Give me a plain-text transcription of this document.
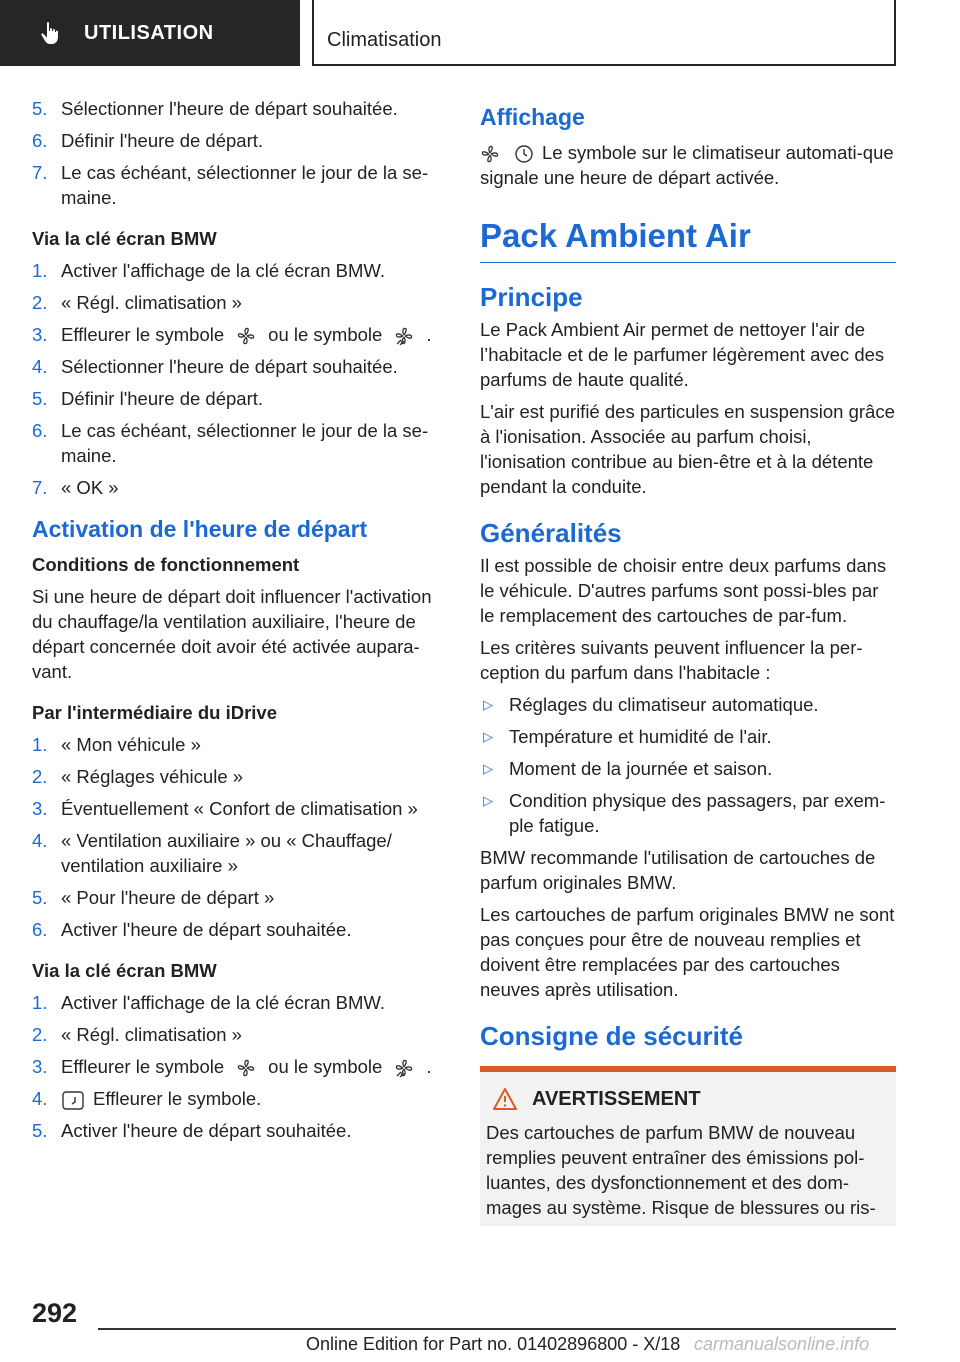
UTILISATION	Climatisation
5. Sélectionner l'heure de départ souhaitée.
6. Définir l'heure de départ.
7. Le cas échéant, sélectionner le jour de la se-maine.
Via la clé écran BMW
1. Activer l'affichage de la clé écran BMW.
2. « Régl. climatisation »
3. Effleurer le symbole ou le symbole .
4. Sélectionner l'heure de départ souhaitée.
5. Définir l'heure de départ.
6. Le cas échéant, sélectionner le jour de la se-maine.
7. « OK »
Activation de l'heure de départ
Conditions de fonctionnement
Si une heure de départ doit influencer l'activation du chauffage/la ventilation auxiliaire, l'heure de départ concernée doit avoir été activée aupara-vant.
Par l'intermédiaire du iDrive
1. « Mon véhicule »
2. « Réglages véhicule »
3. Éventuellement « Confort de climatisation »
4. « Ventilation auxiliaire » ou « Chauffage/ ventilation auxiliaire »
5. « Pour l'heure de départ »
6. Activer l'heure de départ souhaitée.
Via la clé écran BMW
1. Activer l'affichage de la clé écran BMW.
2. « Régl. climatisation »
3. Effleurer le symbole ou le symbole .
4.	Effleurer le symbole.
5. Activer l'heure de départ souhaitée.
Affichage
Le symbole sur le climatiseur automati-que signale une heure de départ activée.
Pack Ambient Air
Principe
Le Pack Ambient Air permet de nettoyer l'air de l’habitacle et de le parfumer légèrement avec des parfums de haute qualité.
L'air est purifié des particules en suspension grâce à l'ionisation. Associée au parfum choisi, l'ionisation contribue au bien-être et à la détente pendant la conduite.
Généralités
Il est possible de choisir entre deux parfums dans le véhicule. D'autres parfums sont possi-bles par le remplacement des cartouches de par-fum.
Les critères suivants peuvent influencer la per-ception du parfum dans l'habitacle :
▷ Réglages du climatiseur automatique.
▷ Température et humidité de l'air.
▷ Moment de la journée et saison.
▷ Condition physique des passagers, par exem-ple fatigue.
BMW recommande l'utilisation de cartouches de parfum originales BMW.
Les cartouches de parfum originales BMW ne sont pas conçues pour être de nouveau remplies et doivent être remplacées par des cartouches neuves après utilisation.
Consigne de sécurité
AVERTISSEMENT
Des cartouches de parfum BMW de nouveau remplies peuvent entraîner des émissions pol-luantes, des dysfonctionnement et des dom-mages au système. Risque de blessures ou ris-
292
Online Edition for Part no. 01402896800 - X/18 carmanualsonline.info
